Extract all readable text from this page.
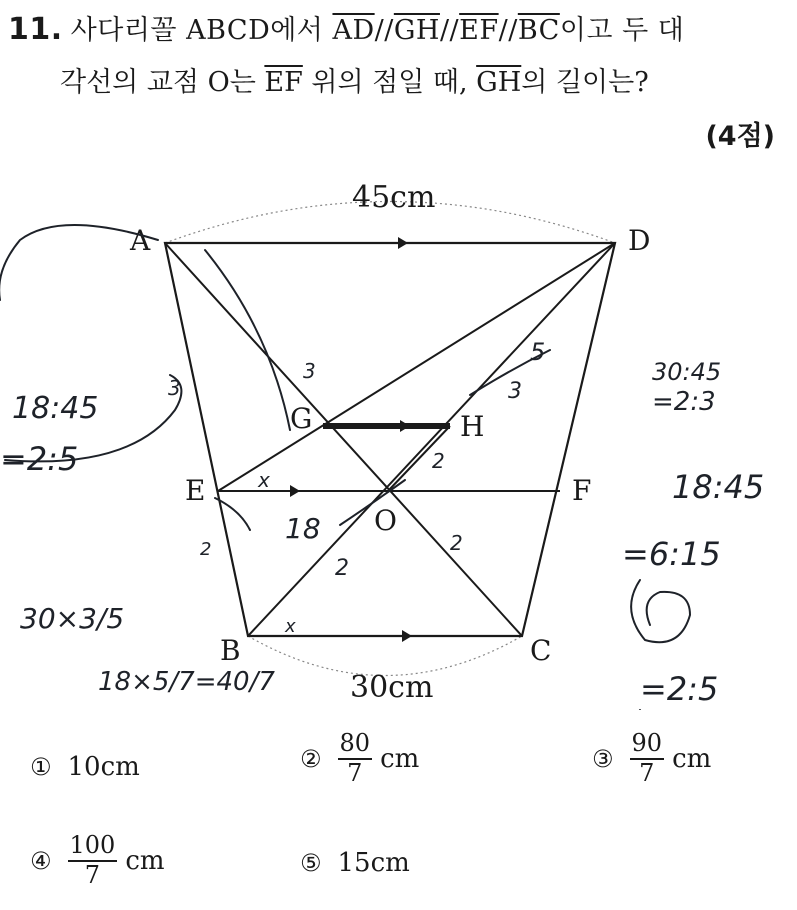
11. 사다리꼴 ABCD에서 $\overline{AD}//\overline{GH}//\overline{EF}//\overline{BC}$이고 두 대
각선의 교점 O는 $\overline{EF}$ 위의 점일 때, $\overline{GH}$의 길이는?
(4점)
45cm
30cm
A	D
B	C
E	F
G	H
O
3
5
3
2
2
2
18
x
x
3
2
18:45
=2:5
30×3/5
18×5/7=40/7
30:45
=2:3
18:45
=6:15
=2:5
① 10cm	② $\frac{80}{7}$ cm	③ $\frac{90}{7}$ cm
④ $\frac{100}{7}$ cm	⑤ 15cm
